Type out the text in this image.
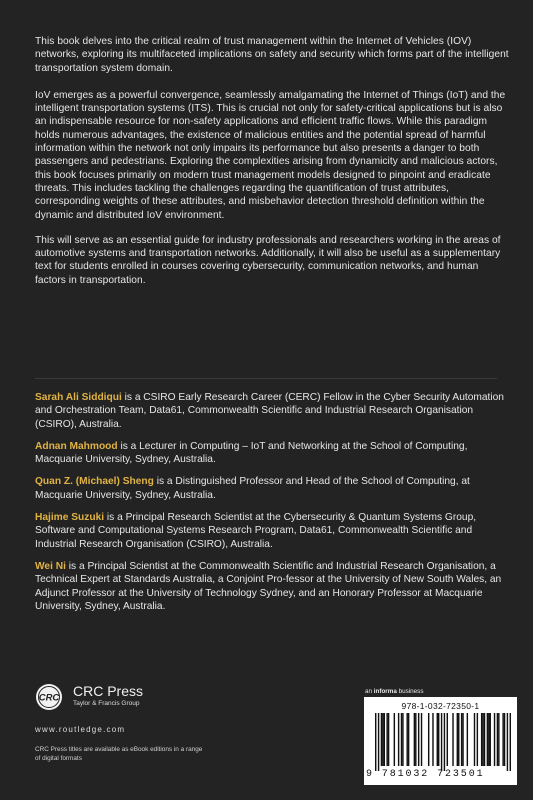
This book delves into the critical realm of trust management within the Internet of Vehicles (IOV) networks, exploring its multifaceted implications on safety and security which forms part of the intelligent transportation system domain.

IoV emerges as a powerful convergence, seamlessly amalgamating the Internet of Things (IoT) and the intelligent transportation systems (ITS). This is crucial not only for safety-critical applications but is also an indispensable resource for non-safety applications and efficient traffic flows. While this paradigm holds numerous advantages, the existence of malicious entities and the potential spread of harmful information within the network not only impairs its performance but also presents a danger to both passengers and pedestrians. Exploring the complexities arising from dynamicity and malicious actors, this book focuses primarily on modern trust management models designed to pinpoint and eradicate threats. This includes tackling the challenges regarding the quantification of trust attributes, corresponding weights of these attributes, and misbehavior detection threshold definition within the dynamic and distributed IoV environment.

This will serve as an essential guide for industry professionals and researchers working in the areas of automotive systems and transportation networks. Additionally, it will also be useful as a supplementary text for students enrolled in courses covering cybersecurity, communication networks, and human factors in transportation.

Sarah Ali Siddiqui is a CSIRO Early Research Career (CERC) Fellow in the Cyber Security Automation and Orchestration Team, Data61, Commonwealth Scientific and Industrial Research Organisation (CSIRO), Australia.

Adnan Mahmood is a Lecturer in Computing – IoT and Networking at the School of Computing, Macquarie University, Sydney, Australia.

Quan Z. (Michael) Sheng is a Distinguished Professor and Head of the School of Computing, at Macquarie University, Sydney, Australia.

Hajime Suzuki is a Principal Research Scientist at the Cybersecurity & Quantum Systems Group, Software and Computational Systems Research Program, Data61, Commonwealth Scientific and Industrial Research Organisation (CSIRO), Australia.

Wei Ni is a Principal Scientist at the Commonwealth Scientific and Industrial Research Organisation, a Technical Expert at Standards Australia, a Conjoint Pro-fessor at the University of New South Wales, an Adjunct Professor at the University of Technology Sydney, and an Honorary Professor at Macquarie University, Sydney, Australia.

CRC CRC Press
Taylor & Francis Group
www.routledge.com
CRC Press titles are available as eBook editions in a range of digital formats
an informa business
978-1-032-72350-1
9 781032 723501
